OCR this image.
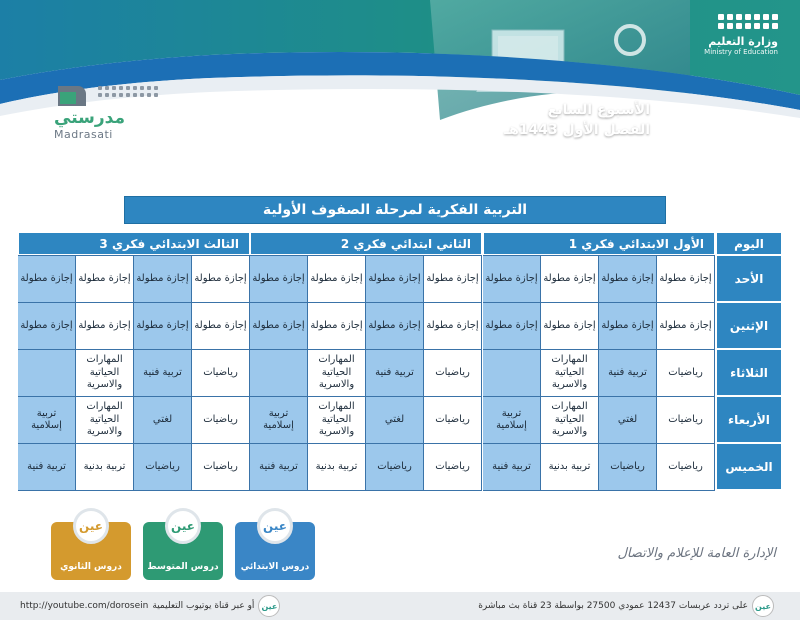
وزارة التعليم
Ministry of Education
الأسبوع السابع
الفصل الأول 1443هـ
مدرستي
Madrasati
التربية الفكرية لمرحلة الصفوف الأولية
اليوم
الأحد
الإثنين
الثلاثاء
الأربعاء
الخميس
الأول الابتدائي فكري 1
إجازة مطولة
إجازة مطولة
إجازة مطولة
إجازة مطولة
إجازة مطولة
إجازة مطولة
إجازة مطولة
إجازة مطولة
رياضيات
تربية فنية
المهارات الحياتية والاسرية
رياضيات
لغتي
المهارات الحياتية والاسرية
تربية إسلامية
رياضيات
رياضيات
تربية بدنية
تربية فنية
الثاني ابتدائي فكري 2
إجازة مطولة
إجازة مطولة
إجازة مطولة
إجازة مطولة
إجازة مطولة
إجازة مطولة
إجازة مطولة
إجازة مطولة
رياضيات
تربية فنية
المهارات الحياتية والاسرية
رياضيات
لغتي
المهارات الحياتية والاسرية
تربية إسلامية
رياضيات
رياضيات
تربية بدنية
تربية فنية
الثالث الابتدائي فكري 3
إجازة مطولة
إجازة مطولة
إجازة مطولة
إجازة مطولة
إجازة مطولة
إجازة مطولة
إجازة مطولة
إجازة مطولة
رياضيات
تربية فنية
المهارات الحياتية والاسرية
رياضيات
لغتي
المهارات الحياتية والاسرية
تربية إسلامية
رياضيات
رياضيات
تربية بدنية
تربية فنية
عين
دروس الابتدائي
عين
دروس المتوسط
عين
دروس الثانوي
الإدارة العامة للإعلام والاتصال
http://youtube.com/dorosein أو عبر قناة يوتيوب التعليمية عين	عين
على تردد عربسات 12437 عمودي 27500 بواسطة 23 قناة بث مباشرة
